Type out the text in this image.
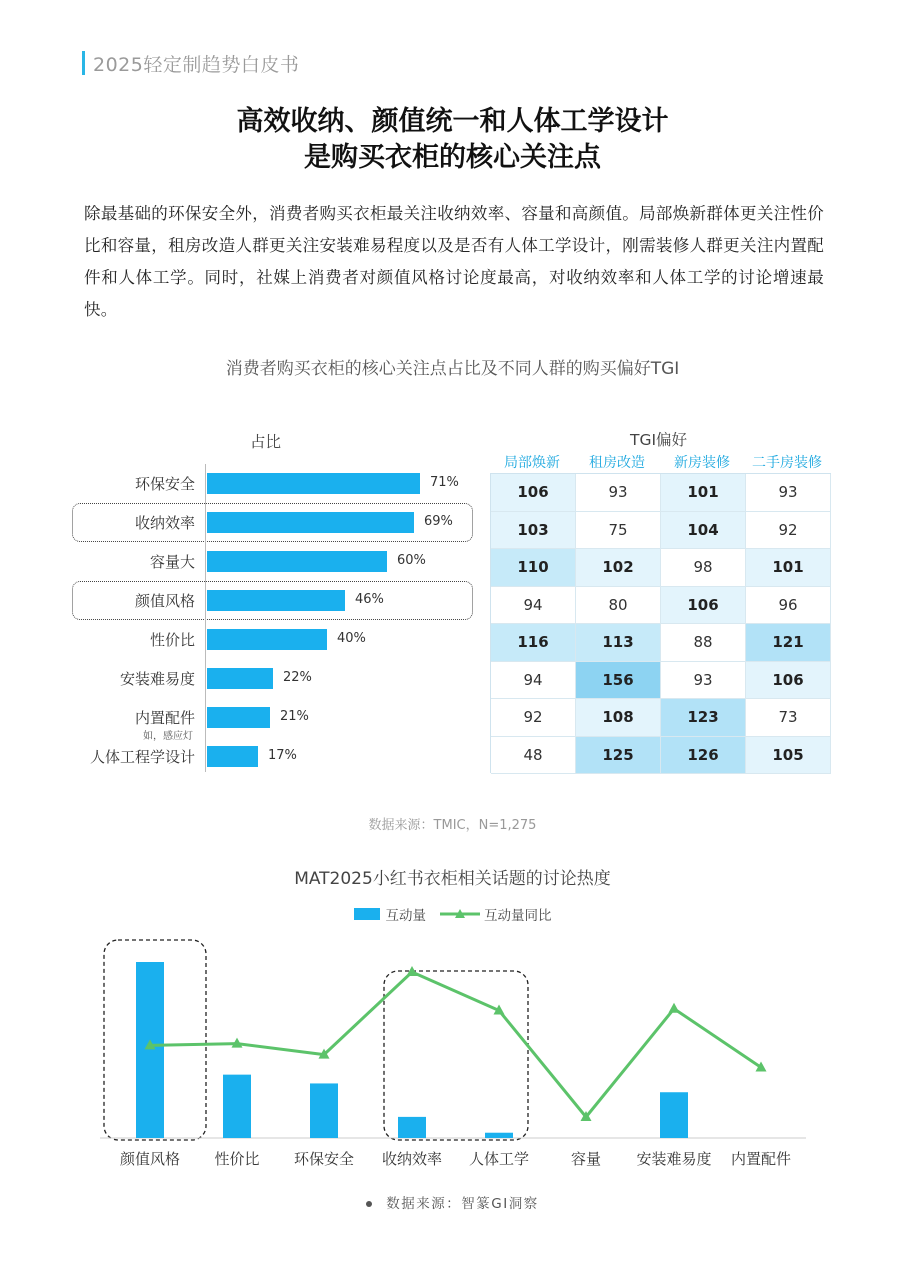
2025轻定制趋势白皮书
高效收纳、颜值统一和人体工学设计
是购买衣柜的核心关注点
除最基础的环保安全外，消费者购买衣柜最关注收纳效率、容量和高颜值。局部焕新群体更关注性价比和容量，租房改造人群更关注安装难易程度以及是否有人体工学设计，刚需装修人群更关注内置配件和人体工学。同时，社媒上消费者对颜值风格讨论度最高，对收纳效率和人体工学的讨论增速最快。
消费者购买衣柜的核心关注点占比及不同人群的购买偏好TGI
占比	TGI偏好
环保安全	71%
收纳效率	69%
容量大	60%
颜值风格	46%
性价比	40%
安装难易度	22%
内置配件
如，感应灯
21%
人体工程学设计	17%
局部焕新	租房改造	新房装修	二手房装修
106	93	101	93
103	75	104	92
110	102	98	101
94	80	106	96
116	113	88	121
94	156	93	106
92	108	123	73
48	125	126	105
数据来源：TMIC，N=1,275
MAT2025小红书衣柜相关话题的讨论热度
互动量	互动量同比
颜值风格	性价比	环保安全	收纳效率	人体工学	容量	安装难易度	内置配件
数据来源：智篆GI洞察
